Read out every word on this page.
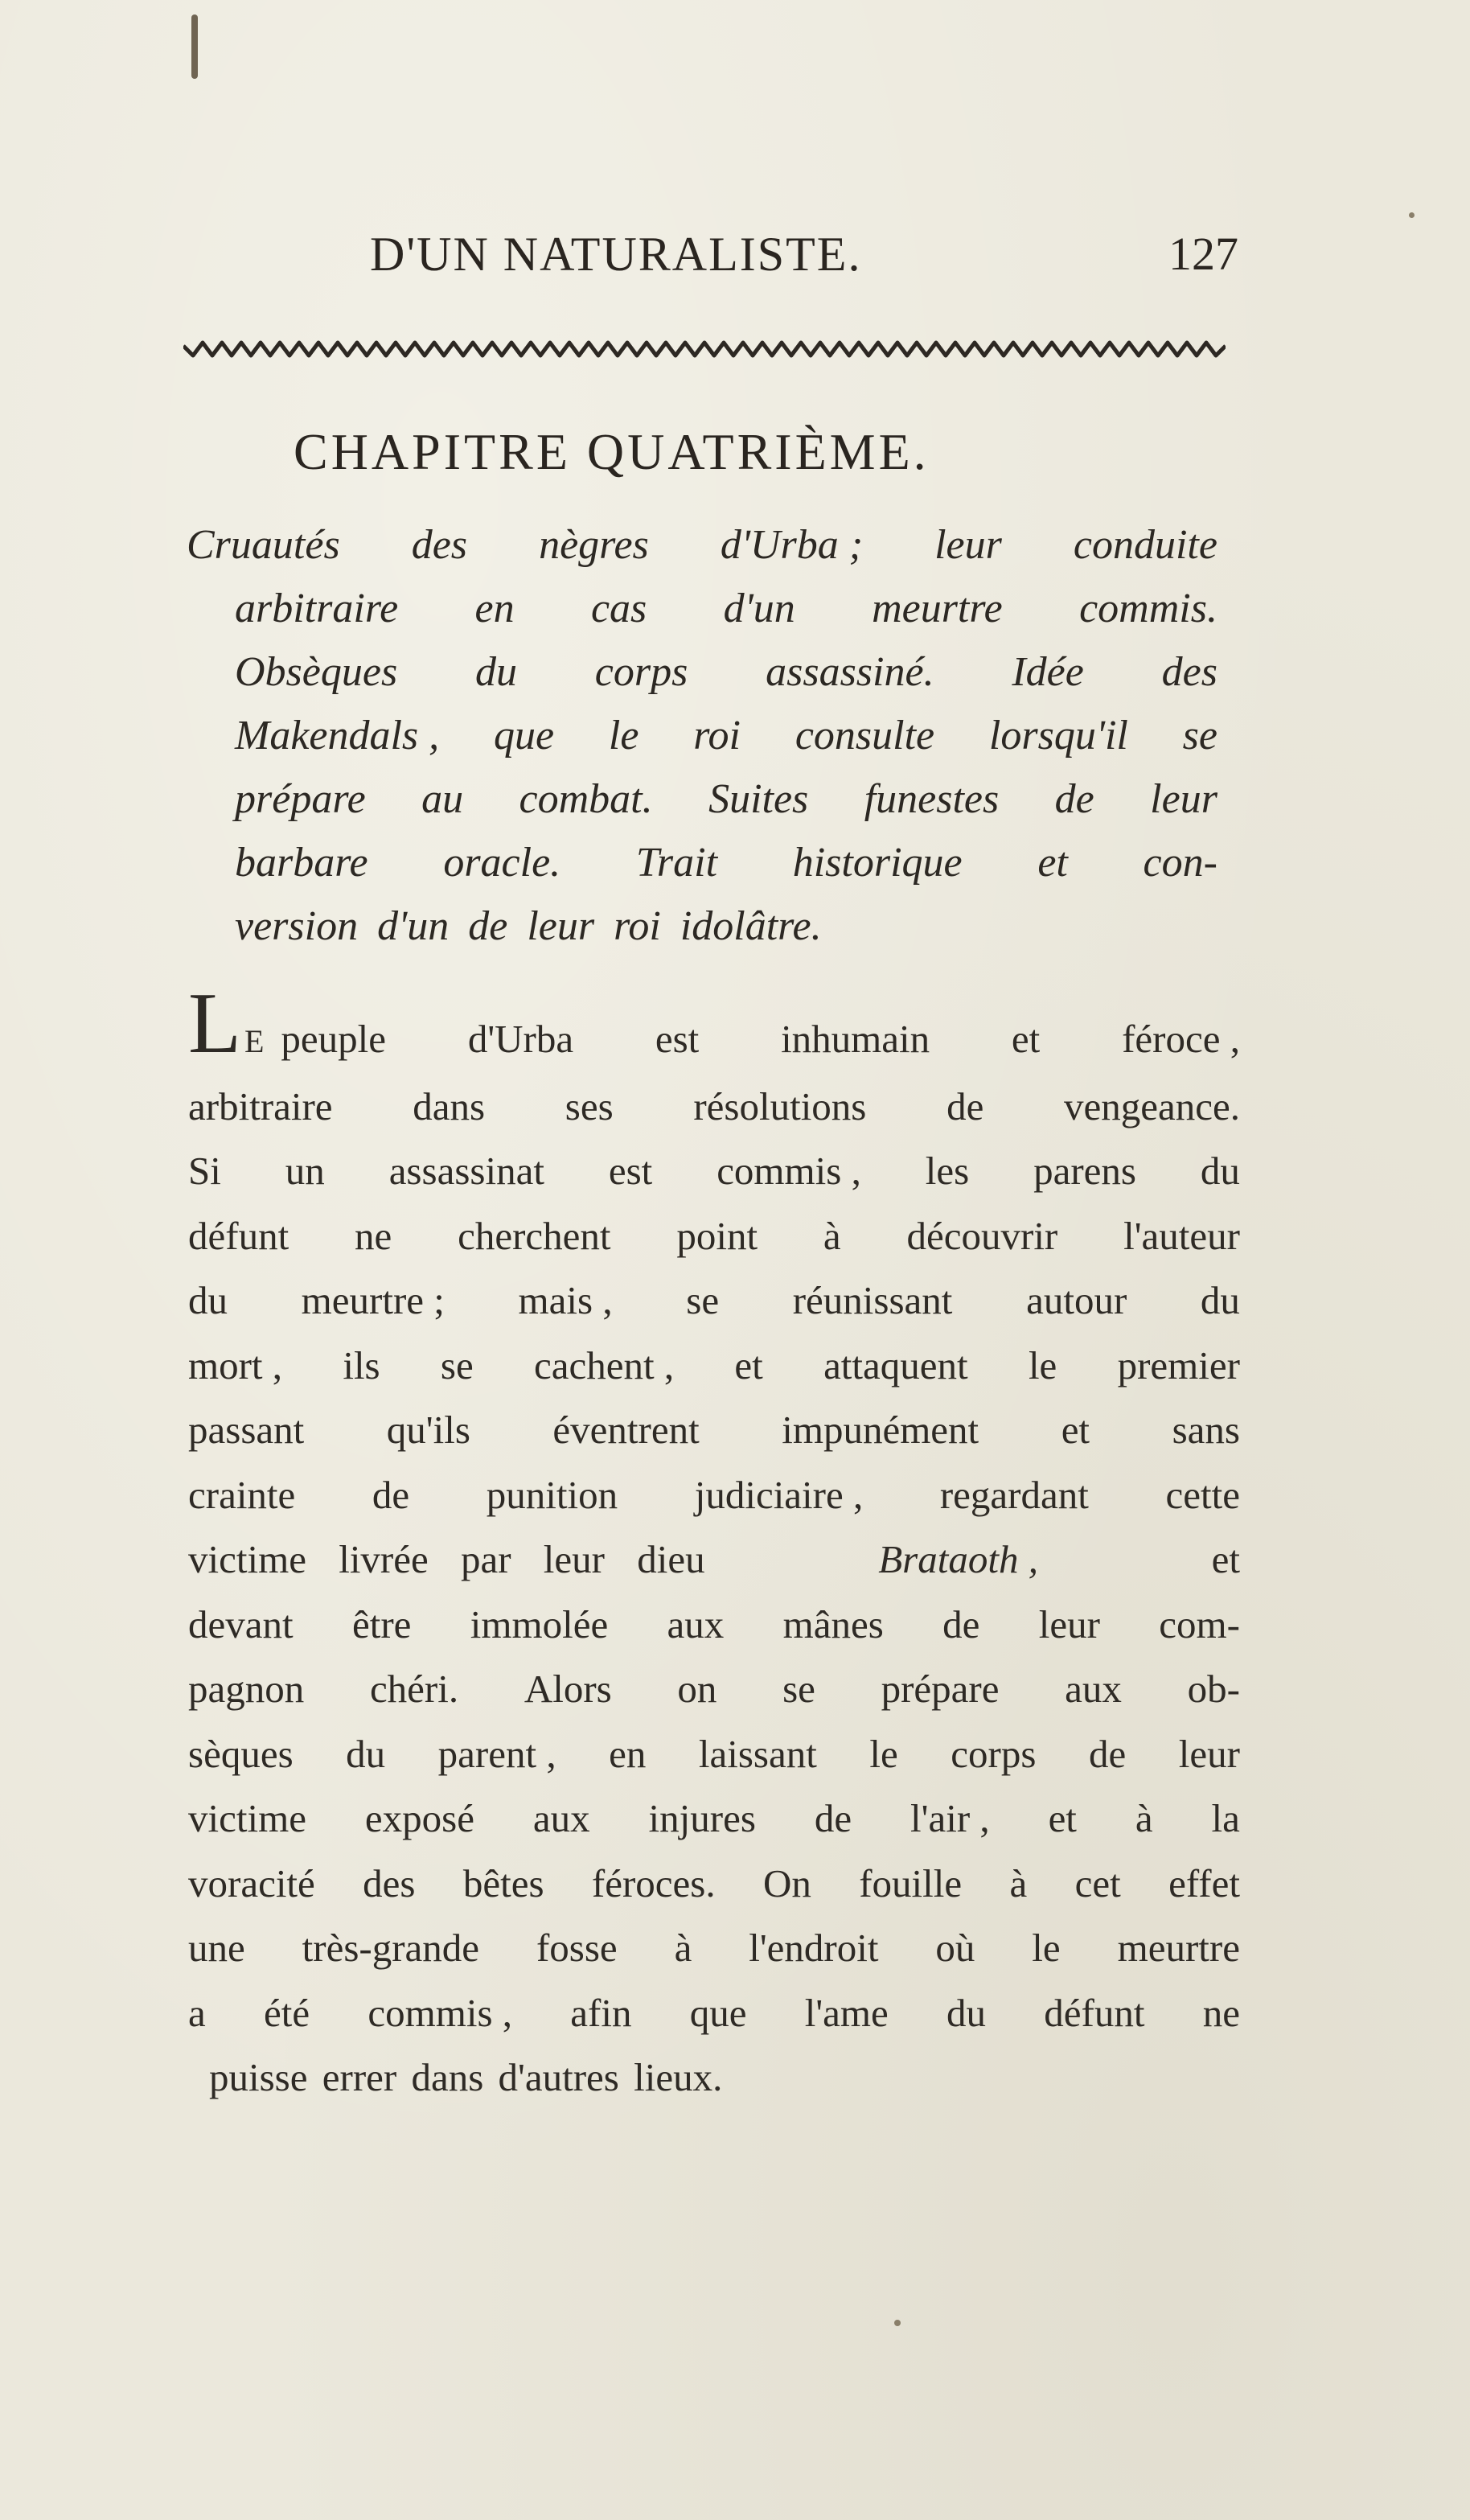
D'UN NATURALISTE.	127
CHAPITRE QUATRIÈME.
Cruautés des nègres d'Urba ; leur conduite
arbitraire en cas d'un meurtre commis.
Obsèques du corps assassiné. Idée des
Makendals , que le roi consulte lorsqu'il se
prépare au combat. Suites funestes de leur
barbare oracle. Trait historique et con-
version d'un de leur roi idolâtre.
L E peuple d'Urba est inhumain et féroce ,
arbitraire dans ses résolutions de vengeance.
Si un assassinat est commis , les parens du
défunt ne cherchent point à découvrir l'auteur
du meurtre ; mais , se réunissant autour du
mort , ils se cachent , et attaquent le premier
passant qu'ils éventrent impunément et sans
crainte de punition judiciaire , regardant cette
victime livrée par leur dieu	Brataoth ,	et
devant être immolée aux mânes de leur com-
pagnon chéri. Alors on se prépare aux ob-
sèques du parent , en laissant le corps de leur
victime exposé aux injures de l'air , et à la
voracité des bêtes féroces. On fouille à cet effet
une très-grande fosse à l'endroit où le meurtre
a été commis , afin que l'ame du défunt ne
puisse errer dans d'autres lieux.
